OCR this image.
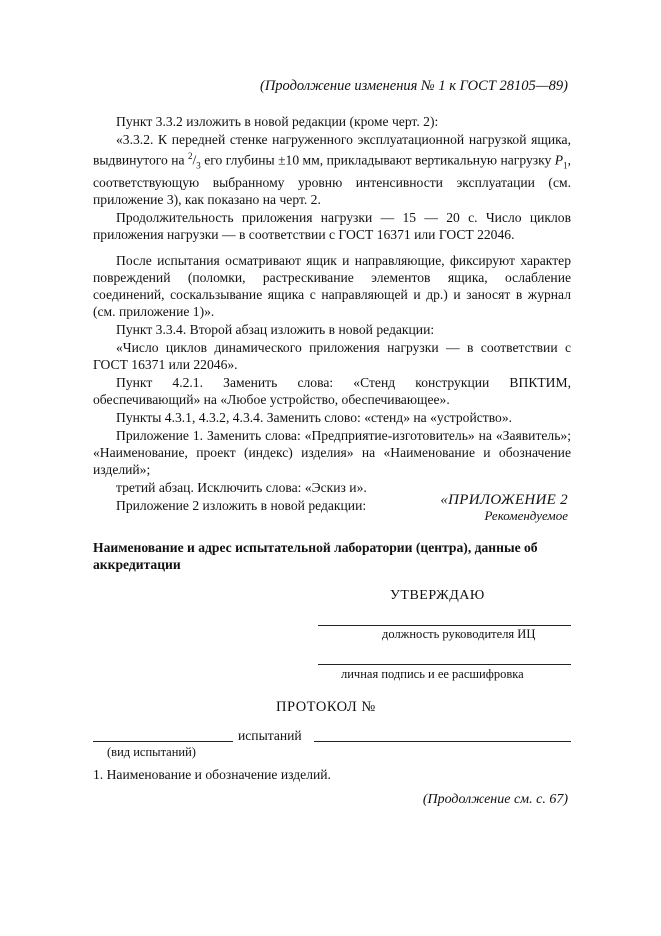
(Продолжение изменения № 1 к ГОСТ 28105—89)

Пункт 3.3.2 изложить в новой редакции (кроме черт. 2):

«3.3.2. К передней стенке нагруженного эксплуатационной нагрузкой ящика, выдвинутого на $^2/_3$ его глубины ±10 мм, прикладывают вертикальную нагрузку $P_1$, соответствующую выбранному уровню интенсивности эксплуатации (см. приложение 3), как показано на черт. 2.

Продолжительность приложения нагрузки — 15 — 20 с. Число циклов приложения нагрузки — в соответствии с ГОСТ 16371 или ГОСТ 22046.

После испытания осматривают ящик и направляющие, фиксируют характер повреждений (поломки, растрескивание элементов ящика, ослабление соединений, соскальзывание ящика с направляющей и др.) и заносят в журнал (см. приложение 1)».

Пункт 3.3.4. Второй абзац изложить в новой редакции:

«Число циклов динамического приложения нагрузки — в соответствии с ГОСТ 16371 или 22046».

Пункт 4.2.1. Заменить слова: «Стенд конструкции ВПКТИМ, обеспечивающий» на «Любое устройство, обеспечивающее».

Пункты 4.3.1, 4.3.2, 4.3.4. Заменить слово: «стенд» на «устройство».

Приложение 1. Заменить слова: «Предприятие-изготовитель» на «Заявитель»; «Наименование, проект (индекс) изделия» на «Наименование и обозначение изделий»;

третий абзац. Исключить слова: «Эскиз и».

Приложение 2 изложить в новой редакции:	«ПРИЛОЖЕНИЕ 2
Рекомендуемое
Наименование и адрес испытательной лаборатории (центра), данные об аккредитации
УТВЕРЖДАЮ
должность руководителя ИЦ
личная подпись и ее расшифровка
ПРОТОКОЛ №
испытаний
(вид испытаний)
1. Наименование и обозначение изделий.
(Продолжение см. с. 67)
